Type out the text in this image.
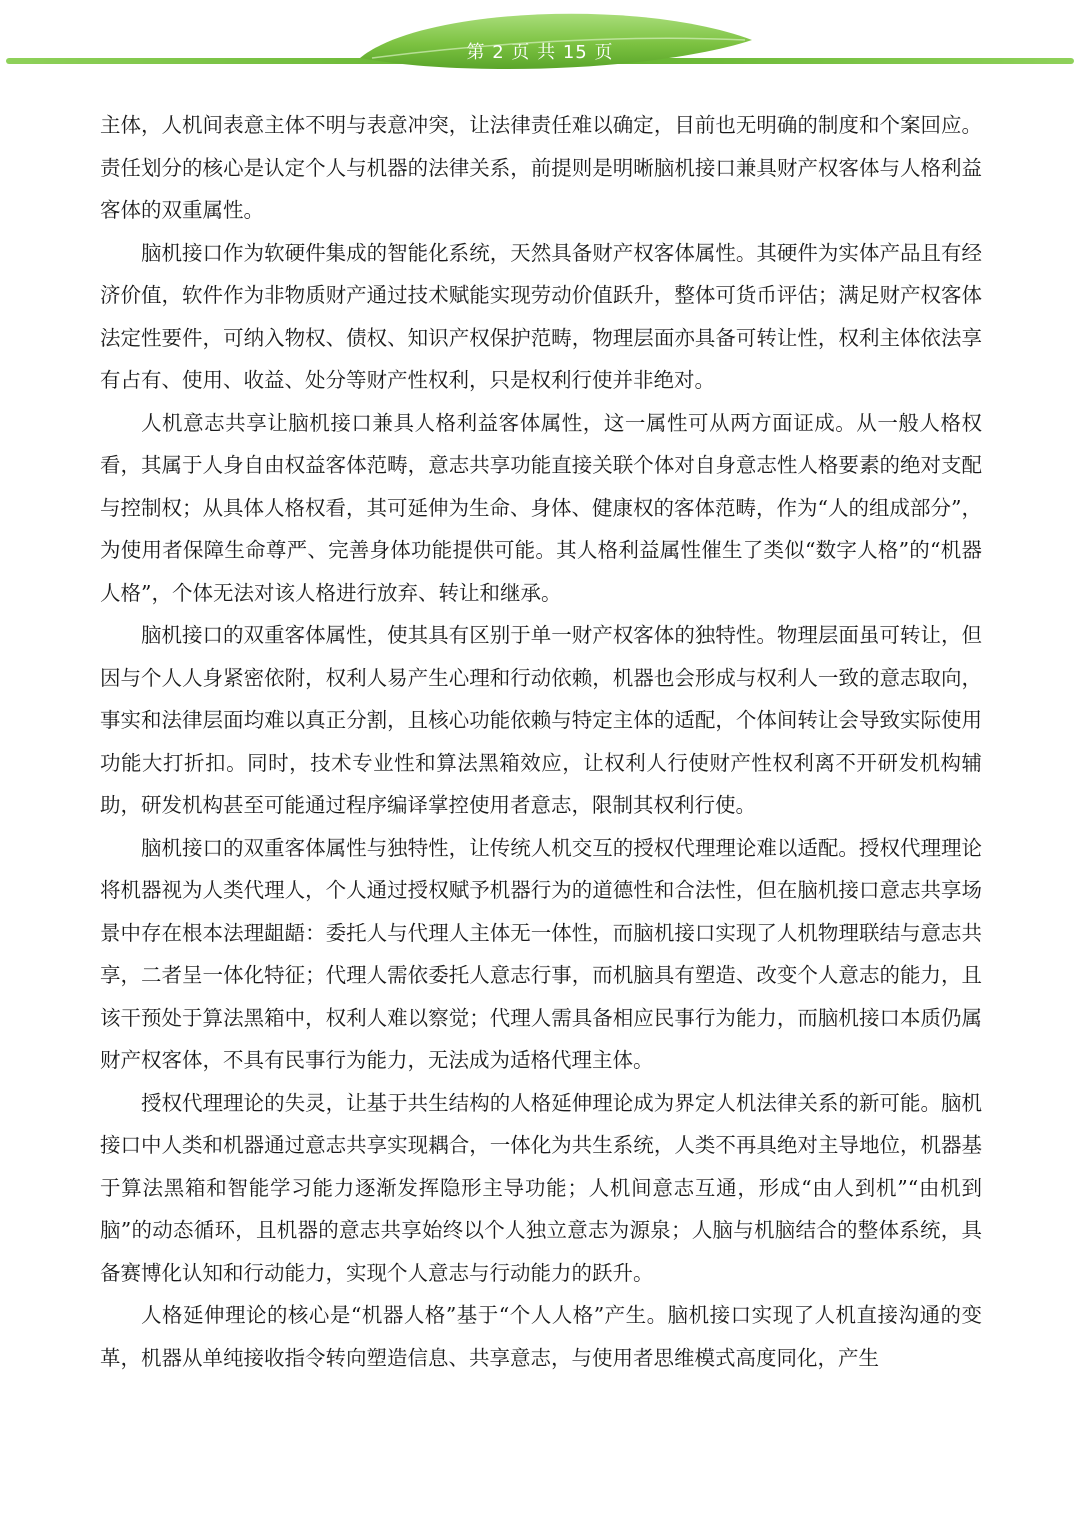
第 2 页 共 15 页

主体，人机间表意主体不明与表意冲突，让法律责任难以确定，目前也无明确的制度和个案回应。责任划分的核心是认定个人与机器的法律关系，前提则是明晰脑机接口兼具财产权客体与人格利益客体的双重属性。

脑机接口作为软硬件集成的智能化系统，天然具备财产权客体属性。其硬件为实体产品且有经济价值，软件作为非物质财产通过技术赋能实现劳动价值跃升，整体可货币评估；满足财产权客体法定性要件，可纳入物权、债权、知识产权保护范畴，物理层面亦具备可转让性，权利主体依法享有占有、使用、收益、处分等财产性权利，只是权利行使并非绝对。

人机意志共享让脑机接口兼具人格利益客体属性，这一属性可从两方面证成。从一般人格权看，其属于人身自由权益客体范畴，意志共享功能直接关联个体对自身意志性人格要素的绝对支配与控制权；从具体人格权看，其可延伸为生命、身体、健康权的客体范畴，作为“人的组成部分”，为使用者保障生命尊严、完善身体功能提供可能。其人格利益属性催生了类似“数字人格”的“机器人格”，个体无法对该人格进行放弃、转让和继承。

脑机接口的双重客体属性，使其具有区别于单一财产权客体的独特性。物理层面虽可转让，但因与个人人身紧密依附，权利人易产生心理和行动依赖，机器也会形成与权利人一致的意志取向，事实和法律层面均难以真正分割，且核心功能依赖与特定主体的适配，个体间转让会导致实际使用功能大打折扣。同时，技术专业性和算法黑箱效应，让权利人行使财产性权利离不开研发机构辅助，研发机构甚至可能通过程序编译掌控使用者意志，限制其权利行使。

脑机接口的双重客体属性与独特性，让传统人机交互的授权代理理论难以适配。授权代理理论将机器视为人类代理人，个人通过授权赋予机器行为的道德性和合法性，但在脑机接口意志共享场景中存在根本法理龃龉：委托人与代理人主体无一体性，而脑机接口实现了人机物理联结与意志共享，二者呈一体化特征；代理人需依委托人意志行事，而机脑具有塑造、改变个人意志的能力，且该干预处于算法黑箱中，权利人难以察觉；代理人需具备相应民事行为能力，而脑机接口本质仍属财产权客体，不具有民事行为能力，无法成为适格代理主体。

授权代理理论的失灵，让基于共生结构的人格延伸理论成为界定人机法律关系的新可能。脑机接口中人类和机器通过意志共享实现耦合，一体化为共生系统，人类不再具绝对主导地位，机器基于算法黑箱和智能学习能力逐渐发挥隐形主导功能；人机间意志互通，形成“由人到机”“由机到脑”的动态循环，且机器的意志共享始终以个人独立意志为源泉；人脑与机脑结合的整体系统，具备赛博化认知和行动能力，实现个人意志与行动能力的跃升。

人格延伸理论的核心是“机器人格”基于“个人人格”产生。脑机接口实现了人机直接沟通的变革，机器从单纯接收指令转向塑造信息、共享意志，与使用者思维模式高度同化，产生
